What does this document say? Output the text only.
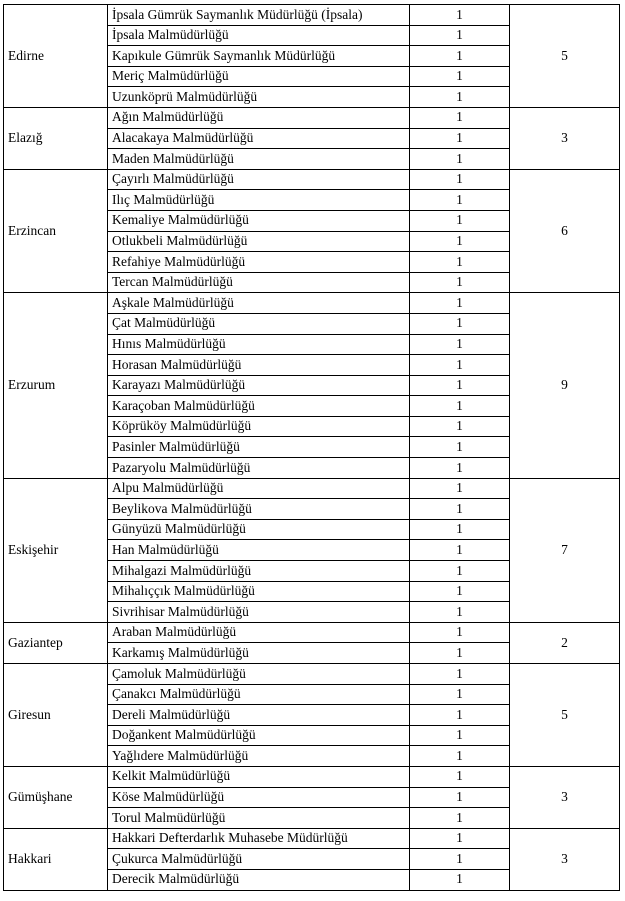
Edirne	İpsala Gümrük Saymanlık Müdürlüğü (İpsala)	1	5
	İpsala Malmüdürlüğü	1	
	Kapıkule Gümrük Saymanlık Müdürlüğü	1	
	Meriç Malmüdürlüğü	1	
	Uzunköprü Malmüdürlüğü	1	
Elazığ	Ağın Malmüdürlüğü	1	3
	Alacakaya Malmüdürlüğü	1	
	Maden Malmüdürlüğü	1	
Erzincan	Çayırlı Malmüdürlüğü	1	6
	Ilıç Malmüdürlüğü	1	
	Kemaliye Malmüdürlüğü	1	
	Otlukbeli Malmüdürlüğü	1	
	Refahiye Malmüdürlüğü	1	
	Tercan Malmüdürlüğü	1	
Erzurum	Aşkale Malmüdürlüğü	1	9
	Çat Malmüdürlüğü	1	
	Hınıs Malmüdürlüğü	1	
	Horasan Malmüdürlüğü	1	
	Karayazı Malmüdürlüğü	1	
	Karaçoban Malmüdürlüğü	1	
	Köprüköy Malmüdürlüğü	1	
	Pasinler Malmüdürlüğü	1	
	Pazaryolu Malmüdürlüğü	1	
Eskişehir	Alpu Malmüdürlüğü	1	7
	Beylikova Malmüdürlüğü	1	
	Günyüzü Malmüdürlüğü	1	
	Han Malmüdürlüğü	1	
	Mihalgazi Malmüdürlüğü	1	
	Mihalıççık Malmüdürlüğü	1	
	Sivrihisar Malmüdürlüğü	1	
Gaziantep	Araban Malmüdürlüğü	1	2
	Karkamış Malmüdürlüğü	1	
Giresun	Çamoluk Malmüdürlüğü	1	5
	Çanakcı Malmüdürlüğü	1	
	Dereli Malmüdürlüğü	1	
	Doğankent Malmüdürlüğü	1	
	Yağlıdere Malmüdürlüğü	1	
Gümüşhane	Kelkit Malmüdürlüğü	1	3
	Köse Malmüdürlüğü	1	
	Torul Malmüdürlüğü	1	
Hakkari	Hakkari Defterdarlık Muhasebe Müdürlüğü	1	3
	Çukurca Malmüdürlüğü	1	
	Derecik Malmüdürlüğü	1	
